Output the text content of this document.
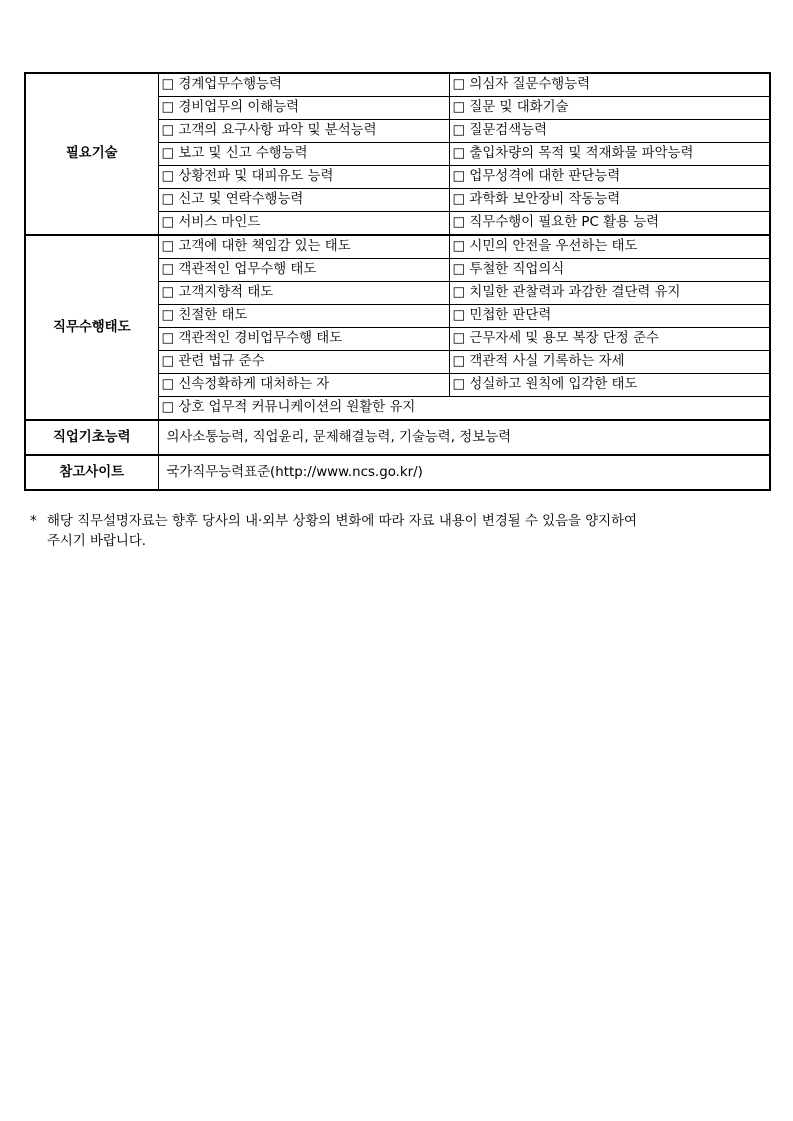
필요기술	□ 경계업무수행능력	□ 의심자 질문수행능력
	□ 경비업무의 이해능력	□ 질문 및 대화기술
	□ 고객의 요구사항 파악 및 분석능력	□ 질문검색능력
	□ 보고 및 신고 수행능력	□ 출입차량의 목적 및 적재화물 파악능력
	□ 상황전파 및 대피유도 능력	□ 업무성격에 대한 판단능력
	□ 신고 및 연락수행능력	□ 과학화 보안장비 작동능력
	□ 서비스 마인드	□ 직무수행이 필요한 PC 활용 능력
직무수행태도	□ 고객에 대한 책임감 있는 태도	□ 시민의 안전을 우선하는 태도
	□ 객관적인 업무수행 태도	□ 투철한 직업의식
	□ 고객지향적 태도	□ 치밀한 관찰력과 과감한 결단력 유지
	□ 친절한 태도	□ 민첩한 판단력
	□ 객관적인 경비업무수행 태도	□ 근무자세 및 용모 복장 단정 준수
	□ 관련 법규 준수	□ 객관적 사실 기록하는 자세
	□ 신속정확하게 대처하는 자	□ 성실하고 원칙에 입각한 태도
	□ 상호 업무적 커뮤니케이션의 원활한 유지	
직업기초능력	의사소통능력, 직업윤리, 문제해결능력, 기술능력, 정보능력	
참고사이트	국가직무능력표준(http://www.ncs.go.kr/)	
* 해당 직무설명자료는 향후 당사의 내·외부 상황의 변화에 따라 자료 내용이 변경될 수 있음을 양지하여
주시기 바랍니다.
